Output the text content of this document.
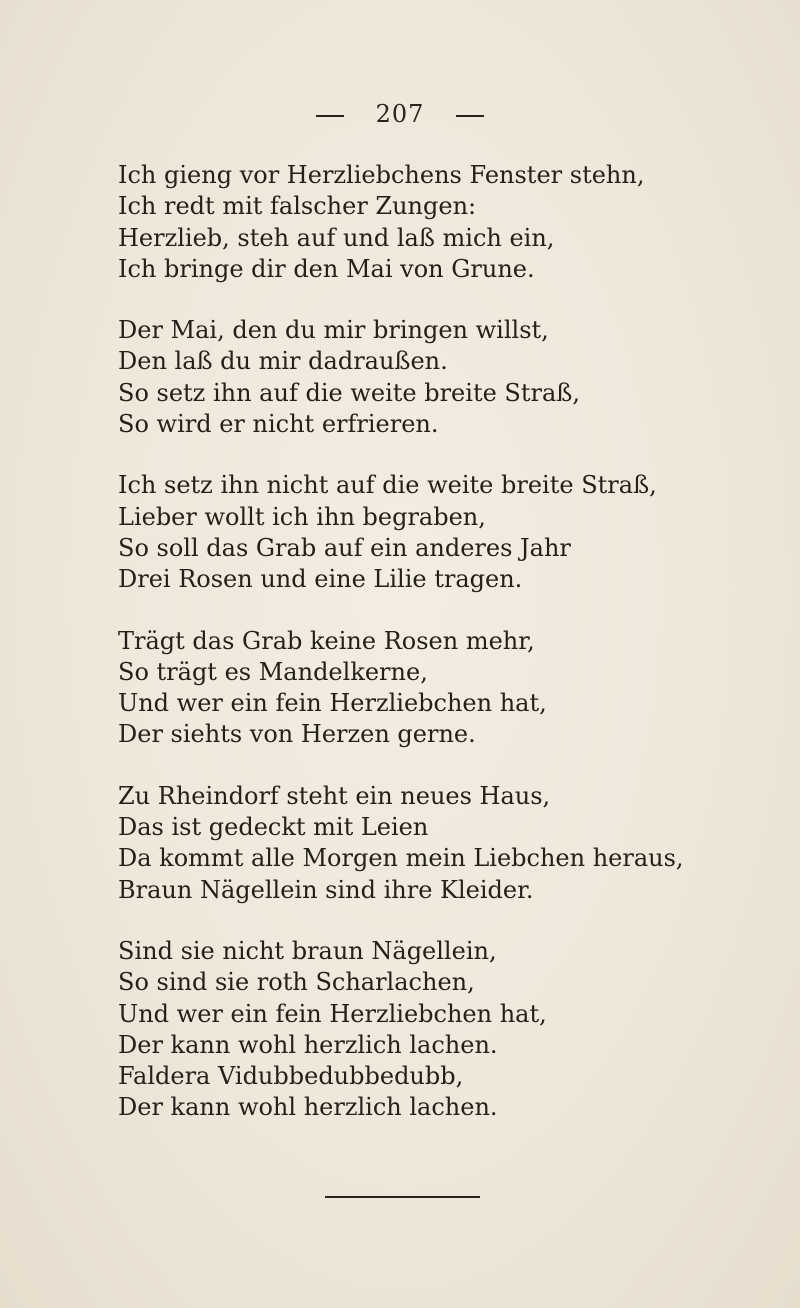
207
Ich gieng vor Herzliebchens Fenster stehn,
Ich redt mit falscher Zungen:
Herzlieb, steh auf und laß mich ein,
Ich bringe dir den Mai von Grune.
Der Mai, den du mir bringen willst,
Den laß du mir dadraußen.
So setz ihn auf die weite breite Straß,
So wird er nicht erfrieren.
Ich setz ihn nicht auf die weite breite Straß,
Lieber wollt ich ihn begraben,
So soll das Grab auf ein anderes Jahr
Drei Rosen und eine Lilie tragen.
Trägt das Grab keine Rosen mehr,
So trägt es Mandelkerne,
Und wer ein fein Herzliebchen hat,
Der siehts von Herzen gerne.
Zu Rheindorf steht ein neues Haus,
Das ist gedeckt mit Leien
Da kommt alle Morgen mein Liebchen heraus,
Braun Nägellein sind ihre Kleider.
Sind sie nicht braun Nägellein,
So sind sie roth Scharlachen,
Und wer ein fein Herzliebchen hat,
Der kann wohl herzlich lachen.
Faldera Vidubbedubbedubb,
Der kann wohl herzlich lachen.
